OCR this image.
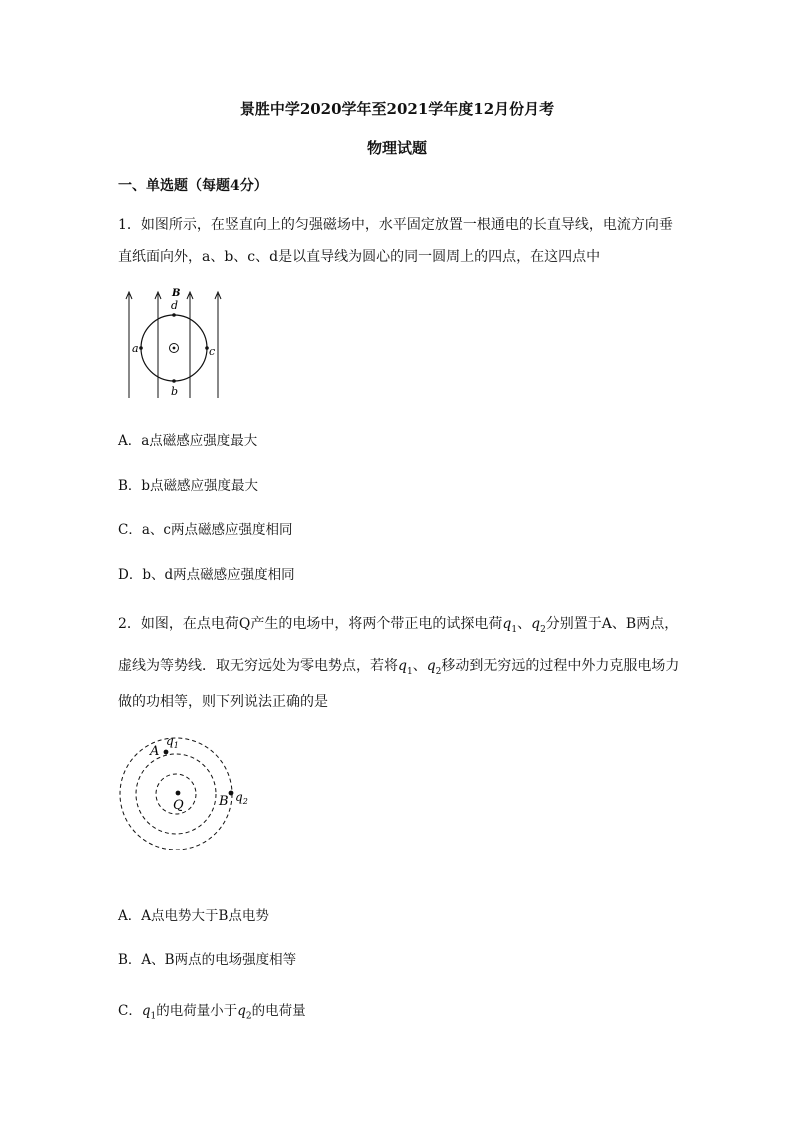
景胜中学2020学年至2021学年度12月份月考
物理试题
一、单选题（每题4分）
1．如图所示，在竖直向上的匀强磁场中，水平固定放置一根通电的长直导线，电流方向垂
直纸面向外，a、b、c、d是以直导线为圆心的同一圆周上的四点，在这四点中
B
d
a	c
b
A．a点磁感应强度最大
B．b点磁感应强度最大
C．a、c两点磁感应强度相同
D．b、d两点磁感应强度相同
2．如图，在点电荷Q产生的电场中，将两个带正电的试探电荷$q_1$、$q_2$分别置于A、B两点，
虚线为等势线．取无穷远处为零电势点，若将$q_1$、$q_2$移动到无穷远的过程中外力克服电场力
做的功相等，则下列说法正确的是
A
$q_1$
Q	B $q_2$
A．A点电势大于B点电势
B．A、B两点的电场强度相等
C．$q_1$的电荷量小于$q_2$的电荷量
